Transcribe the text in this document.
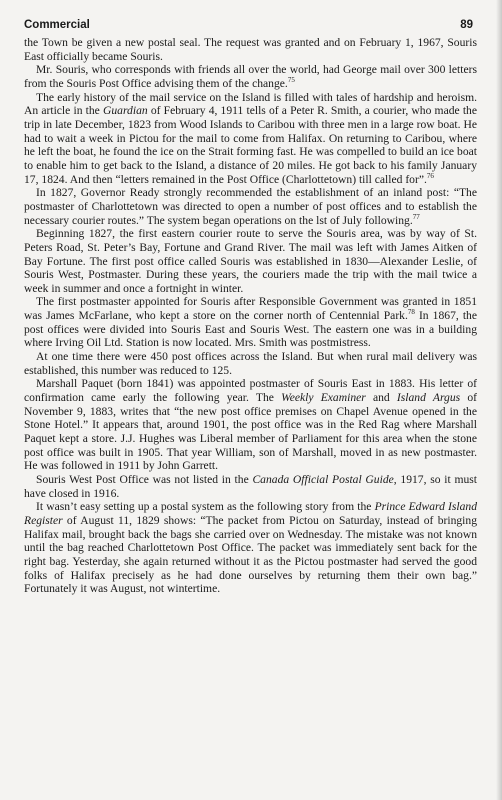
Commercial	89

the Town be given a new postal seal. The request was granted and on February 1, 1967, Souris East officially became Souris.

Mr. Souris, who corresponds with friends all over the world, had George mail over 300 letters from the Souris Post Office advising them of the change.$^{75}$

The early history of the mail service on the Island is filled with tales of hardship and heroism. An article in the Guardian of February 4, 1911 tells of a Peter R. Smith, a courier, who made the trip in late December, 1823 from Wood Islands to Caribou with three men in a large row boat. He had to wait a week in Pictou for the mail to come from Halifax. On returning to Caribou, where he left the boat, he found the ice on the Strait forming fast. He was compelled to build an ice boat to enable him to get back to the Island, a distance of 20 miles. He got back to his family January 17, 1824. And then “letters remained in the Post Office (Charlottetown) till called for”.$^{76}$

In 1827, Governor Ready strongly recommended the establishment of an inland post: “The postmaster of Charlottetown was directed to open a number of post offices and to establish the necessary courier routes.” The system began operations on the lst of July following.$^{77}$

Beginning 1827, the first eastern courier route to serve the Souris area, was by way of St. Peters Road, St. Peter’s Bay, Fortune and Grand River. The mail was left with James Aitken of Bay Fortune. The first post office called Souris was established in 1830—Alexander Leslie, of Souris West, Postmaster. During these years, the couriers made the trip with the mail twice a week in summer and once a fortnight in winter.

The first postmaster appointed for Souris after Responsible Government was granted in 1851 was James McFarlane, who kept a store on the corner north of Centennial Park.$^{78}$ In 1867, the post offices were divided into Souris East and Souris West. The eastern one was in a building where Irving Oil Ltd. Station is now located. Mrs. Smith was postmistress.

At one time there were 450 post offices across the Island. But when rural mail delivery was established, this number was reduced to 125.

Marshall Paquet (born 1841) was appointed postmaster of Souris East in 1883. His letter of confirmation came early the following year. The Weekly Examiner and Island Argus of November 9, 1883, writes that “the new post office premises on Chapel Avenue opened in the Stone Hotel.” It appears that, around 1901, the post office was in the Red Rag where Marshall Paquet kept a store. J.J. Hughes was Liberal member of Parliament for this area when the stone post office was built in 1905. That year William, son of Marshall, moved in as new postmaster. He was followed in 1911 by John Garrett.

Souris West Post Office was not listed in the Canada Official Postal Guide, 1917, so it must have closed in 1916.

It wasn’t easy setting up a postal system as the following story from the Prince Edward Island Register of August 11, 1829 shows: “The packet from Pictou on Saturday, instead of bringing Halifax mail, brought back the bags she carried over on Wednesday. The mistake was not known until the bag reached Charlottetown Post Office. The packet was immediately sent back for the right bag. Yesterday, she again returned without it as the Pictou postmaster had served the good folks of Halifax precisely as he had done ourselves by returning them their own bag.” Fortunately it was August, not wintertime.
